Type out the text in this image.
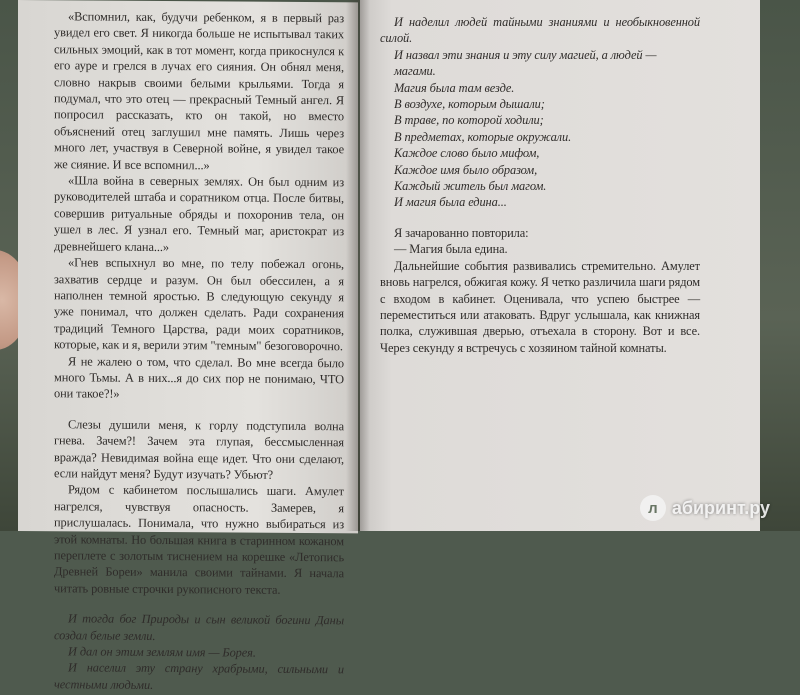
«Вспомнил, как, будучи ребенком, я в первый раз увидел его свет. Я никогда больше не испытывал таких сильных эмоций, как в тот момент, когда прикоснулся к его ауре и грелся в лучах его сияния. Он обнял меня, словно накрыв своими белыми крыльями. Тогда я подумал, что это отец — прекрасный Темный ангел. Я попросил рассказать, кто он такой, но вместо объяснений отец заглушил мне память. Лишь через много лет, участвуя в Северной войне, я увидел такое же сияние. И все вспомнил...»

«Шла война в северных землях. Он был одним из руководителей штаба и соратником отца. После битвы, совершив ритуальные обряды и похоронив тела, он ушел в лес. Я узнал его. Темный маг, аристократ из древнейшего клана...»

«Гнев вспыхнул во мне, по телу побежал огонь, захватив сердце и разум. Он был обессилен, а я наполнен темной яростью. В следующую секунду я уже понимал, что должен сделать. Ради сохранения традиций Темного Царства, ради моих соратников, которые, как и я, верили этим "темным" безоговорочно.

Я не жалею о том, что сделал. Во мне всегда было много Тьмы. А в них...я до сих пор не понимаю, ЧТО они такое?!»

Слезы душили меня, к горлу подступила волна гнева. Зачем?! Зачем эта глупая, бессмысленная вражда? Невидимая война еще идет. Что они сделают, если найдут меня? Будут изучать? Убьют?

Рядом с кабинетом послышались шаги. Амулет нагрелся, чувствуя опасность. Замерев, я прислушалась. Понимала, что нужно выбираться из этой комнаты. Но большая книга в старинном кожаном переплете с золотым тиснением на корешке «Летопись Древней Бореи» манила своими тайнами. Я начала читать ровные строчки рукописного текста.

И тогда бог Природы и сын великой богини Даны создал белые земли.

И дал он этим землям имя — Борея.

И населил эту страну храбрыми, сильными и честными людьми.

И наделил людей тайными знаниями и необыкновенной силой.

И назвал эти знания и эту силу магией, а людей — магами.

Магия была там везде.

В воздухе, которым дышали;

В траве, по которой ходили;

В предметах, которые окружали.

Каждое слово было мифом,

Каждое имя было образом,

Каждый житель был магом.

И магия была едина...

Я зачарованно повторила:

— Магия была едина.

Дальнейшие события развивались стремительно. Амулет вновь нагрелся, обжигая кожу. Я четко различила шаги рядом с входом в кабинет. Оценивала, что успею быстрее — переместиться или атаковать. Вдруг услышала, как книжная полка, служившая дверью, отъехала в сторону. Вот и все. Через секунду я встречусь с хозяином тайной комнаты.

л абиринт.ру
